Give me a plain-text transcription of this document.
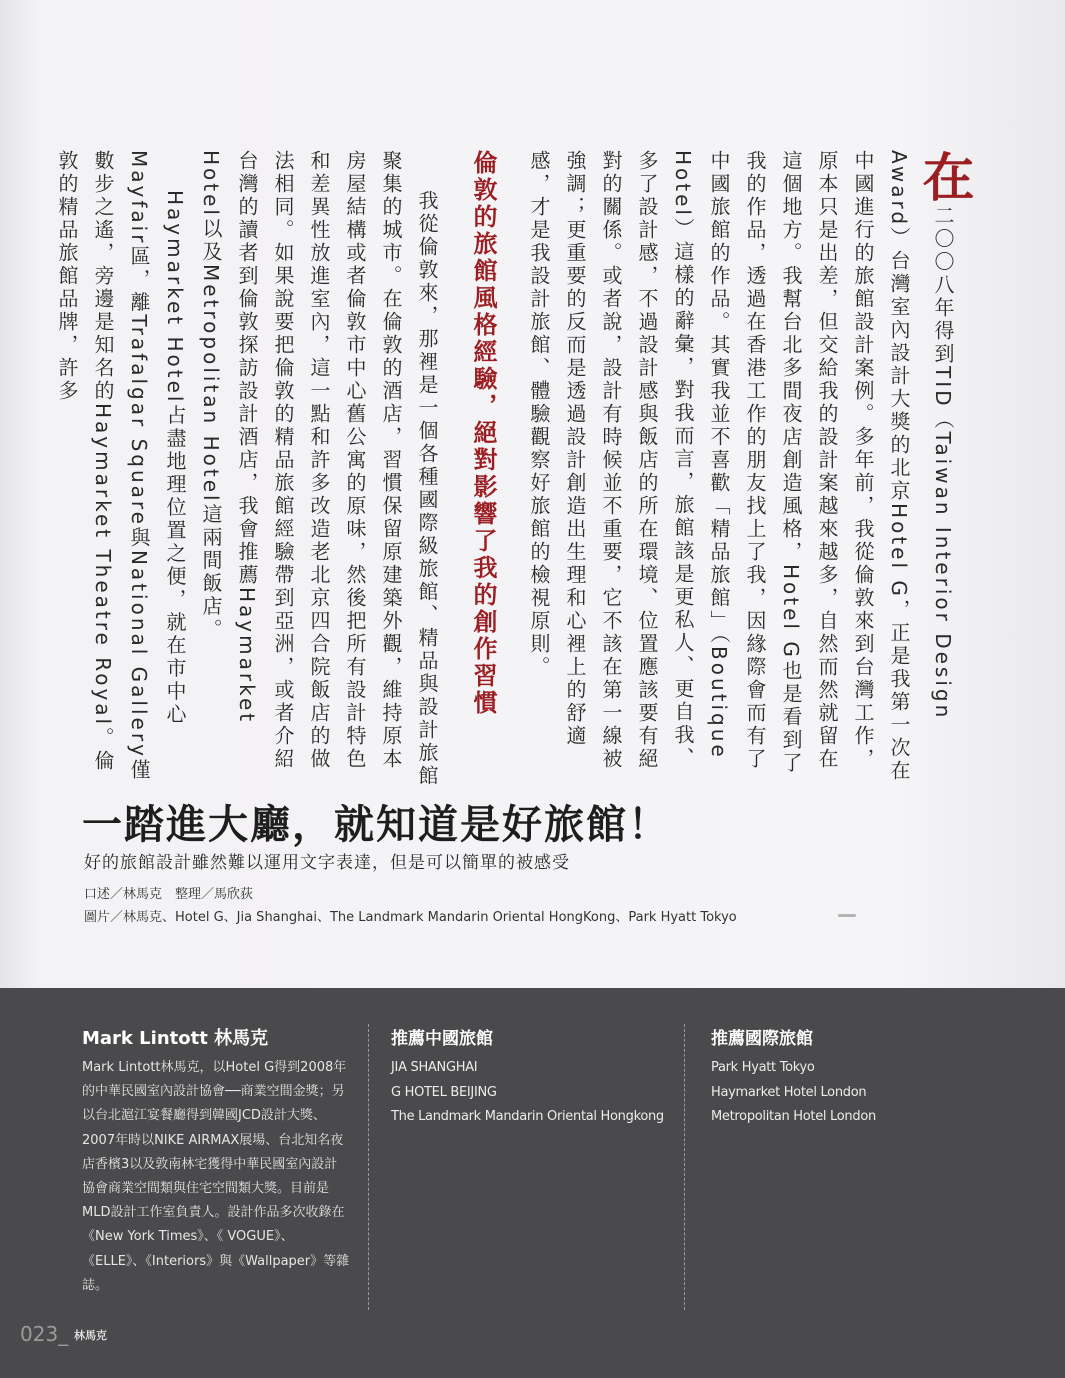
在二〇〇八年得到TID（Taiwan Interior Design Award）台灣室內設計大獎的北京Hotel G，正是我第一次在中國進行的旅館設計案例。多年前，我從倫敦來到台灣工作，原本只是出差，但交給我的設計案越來越多，自然而然就留在這個地方。我幫台北多間夜店創造風格，Hotel G也是看到了我的作品，透過在香港工作的朋友找上了我，因緣際會而有了中國旅館的作品。其實我並不喜歡「精品旅館」（Boutique Hotel）這樣的辭彙，對我而言，旅館該是更私人、更自我、多了設計感，不過設計感與飯店的所在環境、位置應該要有絕對的關係。或者說，設計有時候並不重要，它不該在第一線被強調；更重要的反而是透過設計創造出生理和心裡上的舒適感，才是我設計旅館、體驗觀察好旅館的檢視原則。

倫敦的旅館風格經驗，絕對影響了我的創作習慣

我從倫敦來，那裡是一個各種國際級旅館、精品與設計旅館聚集的城市。在倫敦的酒店，習慣保留原建築外觀，維持原本房屋結構或者倫敦市中心舊公寓的原味，然後把所有設計特色和差異性放進室內，這一點和許多改造老北京四合院飯店的做法相同。如果說要把倫敦的精品旅館經驗帶到亞洲，或者介紹台灣的讀者到倫敦探訪設計酒店，我會推薦Haymarket Hotel以及Metropolitan Hotel這兩間飯店。

Haymarket Hotel占盡地理位置之便，就在市中心Mayfair區，離Trafalgar Square與National Gallery僅數步之遙，旁邊是知名的Haymarket Theatre Royal。倫敦的精品旅館品牌，許多

一踏進大廳，就知道是好旅館！

好的旅館設計雖然難以運用文字表達，但是可以簡單的被感受

口述／林馬克　整理／馬欣荻

圖片／林馬克、Hotel G、Jia Shanghai、The Landmark Mandarin Oriental HongKong、Park Hyatt Tokyo

Mark Lintott 林馬克

Mark Lintott林馬克，以Hotel G得到2008年的中華民國室內設計協會──商業空間金獎；另以台北滬江宴餐廳得到韓國JCD設計大獎、2007年時以NIKE AIRMAX展場、台北知名夜店香檳3以及敦南林宅獲得中華民國室內設計協會商業空間類與住宅空間類大獎。目前是MLD設計工作室負責人。設計作品多次收錄在《New York Times》、《 VOGUE》、《ELLE》、《Interiors》與《Wallpaper》等雜誌。

推薦中國旅館
JIA SHANGHAI
G HOTEL BEIJING
The Landmark Mandarin Oriental Hongkong
推薦國際旅館
Park Hyatt Tokyo
Haymarket Hotel London
Metropolitan Hotel London

023_ 林馬克
